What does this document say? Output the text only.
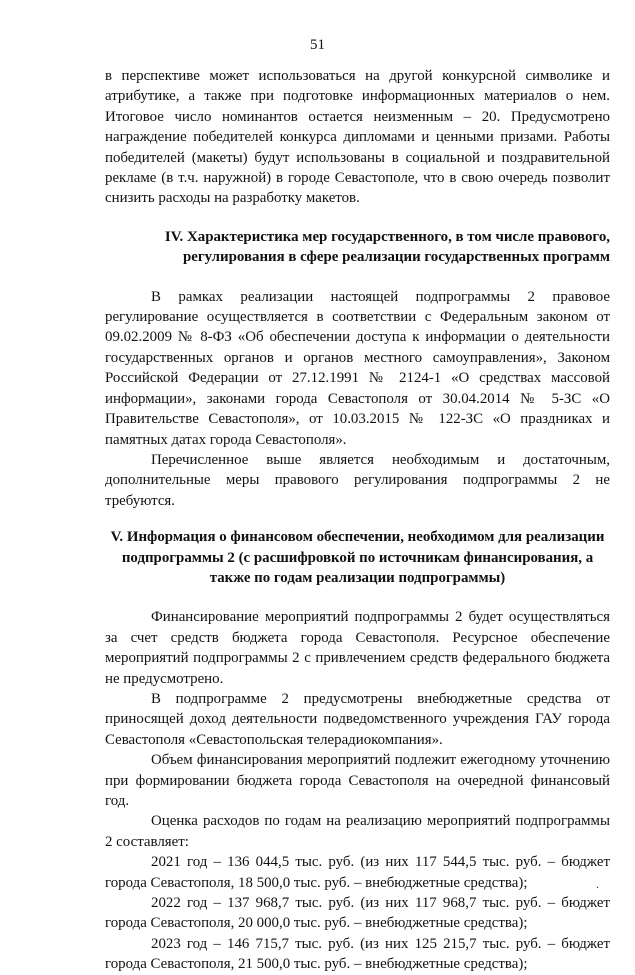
51

в перспективе может использоваться на другой конкурсной символике и атрибутике, а также при подготовке информационных материалов о нем. Итоговое число номинантов остается неизменным – 20. Предусмотрено награждение победителей конкурса дипломами и ценными призами. Работы победителей (макеты) будут использованы в социальной и поздравительной рекламе (в т.ч. наружной) в городе Севастополе, что в свою очередь позволит снизить расходы на разработку макетов.

IV. Характеристика мер государственного, в том числе правового, регулирования в сфере реализации государственных программ

В рамках реализации настоящей подпрограммы 2 правовое регулирование осуществляется в соответствии с Федеральным законом от 09.02.2009 № 8-ФЗ «Об обеспечении доступа к информации о деятельности государственных органов и органов местного самоуправления», Законом Российской Федерации от 27.12.1991 № 2124-1 «О средствах массовой информации», законами города Севастополя от 30.04.2014 № 5-ЗС «О Правительстве Севастополя», от 10.03.2015 № 122-ЗС «О праздниках и памятных датах города Севастополя».

Перечисленное выше является необходимым и достаточным, дополнительные меры правового регулирования подпрограммы 2 не требуются.

V. Информация о финансовом обеспечении, необходимом для реализации подпрограммы 2 (с расшифровкой по источникам финансирования, а также по годам реализации подпрограммы)

Финансирование мероприятий подпрограммы 2 будет осуществляться за счет средств бюджета города Севастополя. Ресурсное обеспечение мероприятий подпрограммы 2 с привлечением средств федерального бюджета не предусмотрено.

В подпрограмме 2 предусмотрены внебюджетные средства от приносящей доход деятельности подведомственного учреждения ГАУ города Севастополя «Севастопольская телерадиокомпания».

Объем финансирования мероприятий подлежит ежегодному уточнению при формировании бюджета города Севастополя на очередной финансовый год.

Оценка расходов по годам на реализацию мероприятий подпрограммы 2 составляет:

2021 год – 136 044,5 тыс. руб. (из них 117 544,5 тыс. руб. – бюджет города Севастополя, 18 500,0 тыс. руб. – внебюджетные средства);

2022 год – 137 968,7 тыс. руб. (из них 117 968,7 тыс. руб. – бюджет города Севастополя, 20 000,0 тыс. руб. – внебюджетные средства);

2023 год – 146 715,7 тыс. руб. (из них 125 215,7 тыс. руб. – бюджет города Севастополя, 21 500,0 тыс. руб. – внебюджетные средства);

.
